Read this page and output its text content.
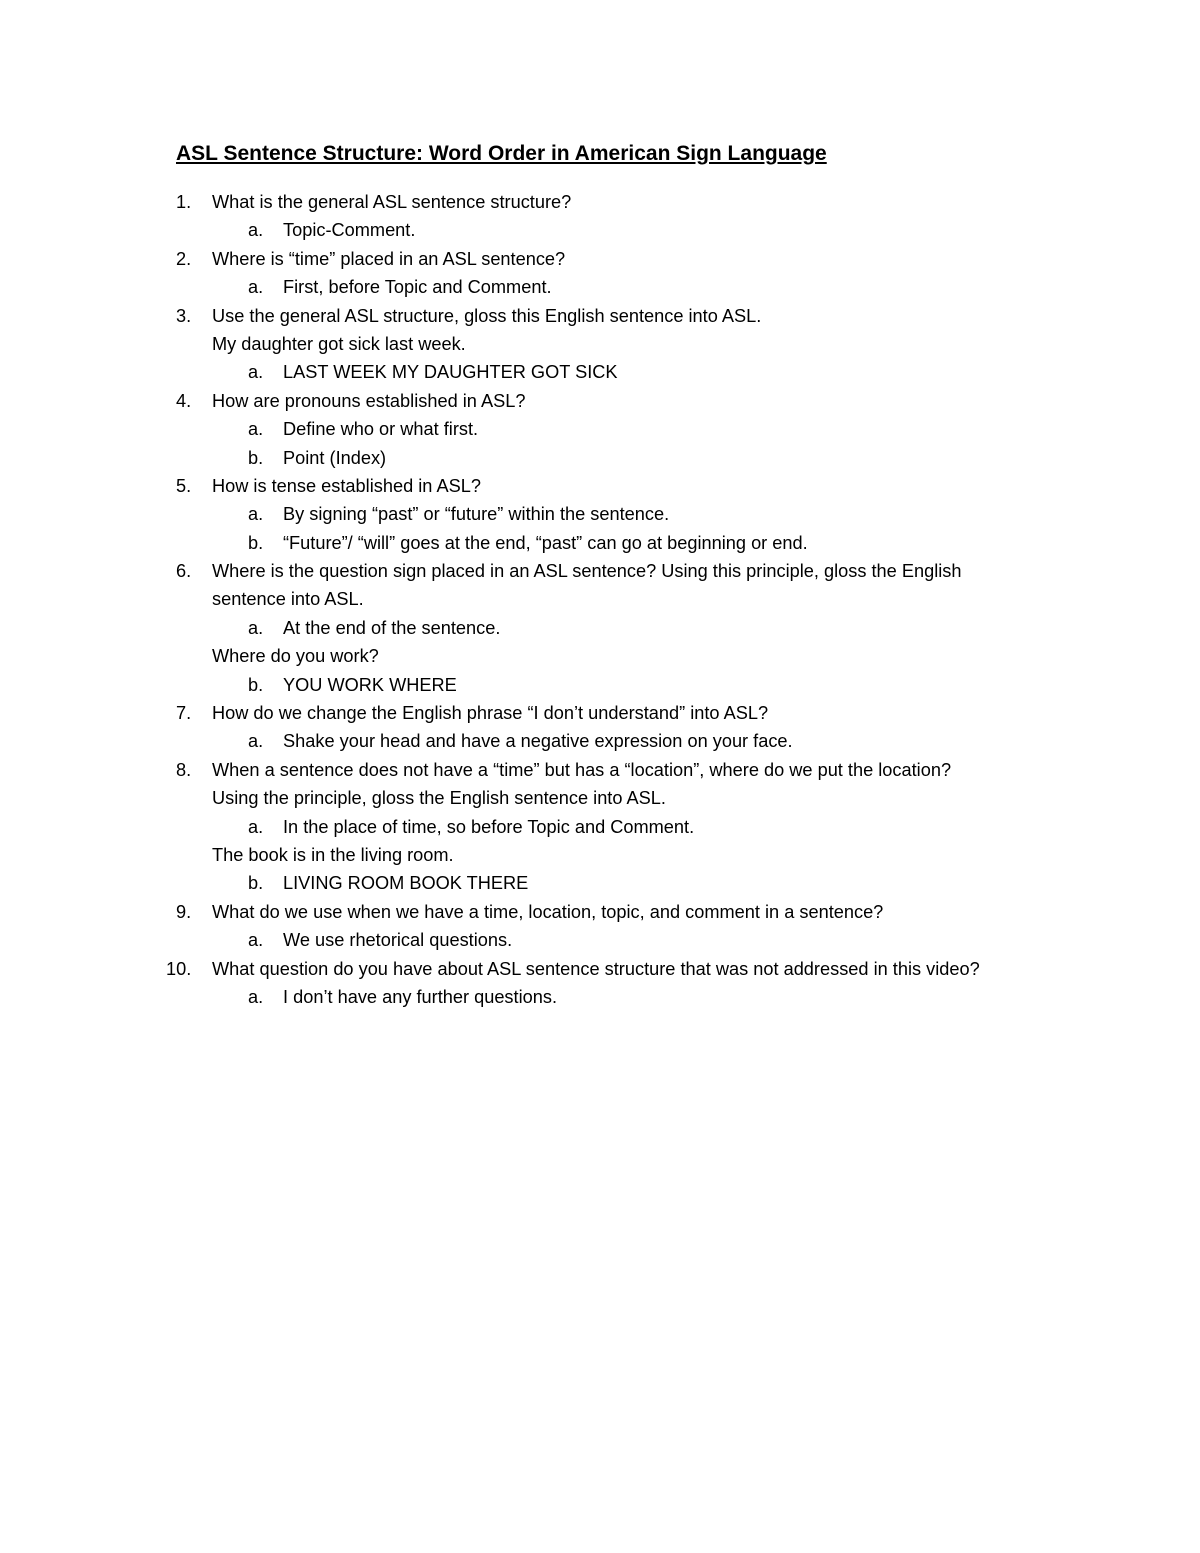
ASL Sentence Structure: Word Order in American Sign Language
1. What is the general ASL sentence structure?
a. Topic-Comment.
2. Where is “time” placed in an ASL sentence?
a. First, before Topic and Comment.
3. Use the general ASL structure, gloss this English sentence into ASL.
My daughter got sick last week.
a. LAST WEEK MY DAUGHTER GOT SICK
4. How are pronouns established in ASL?
a. Define who or what first.
b. Point (Index)
5. How is tense established in ASL?
a. By signing “past” or “future” within the sentence.
b. “Future”/ “will” goes at the end, “past” can go at beginning or end.
6. Where is the question sign placed in an ASL sentence? Using this principle, gloss the English
sentence into ASL.
a. At the end of the sentence.
Where do you work?
b. YOU WORK WHERE
7. How do we change the English phrase “I don’t understand” into ASL?
a. Shake your head and have a negative expression on your face.
8. When a sentence does not have a “time” but has a “location”, where do we put the location?
Using the principle, gloss the English sentence into ASL.
a. In the place of time, so before Topic and Comment.
The book is in the living room.
b. LIVING ROOM BOOK THERE
9. What do we use when we have a time, location, topic, and comment in a sentence?
a. We use rhetorical questions.
10. What question do you have about ASL sentence structure that was not addressed in this video?
a. I don’t have any further questions.
